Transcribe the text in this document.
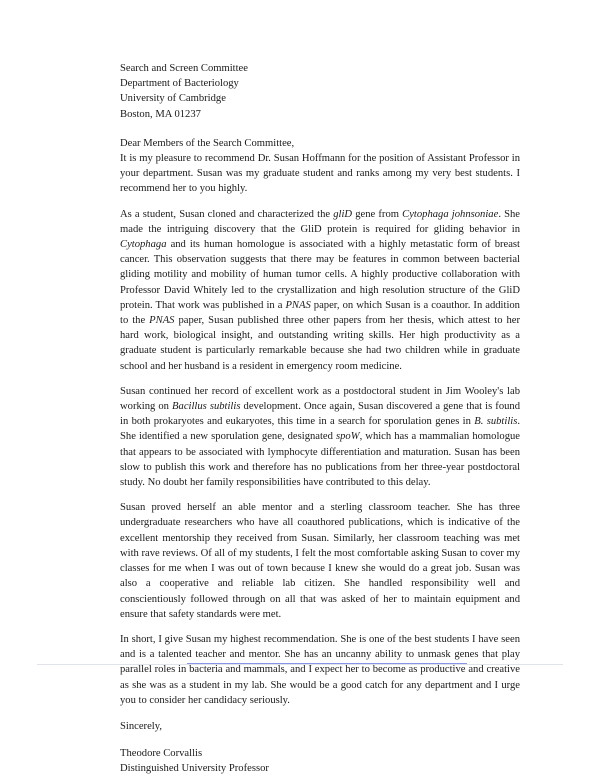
Search and Screen Committee
Department of Bacteriology
University of Cambridge
Boston, MA 01237
Dear Members of the Search Committee,

It is my pleasure to recommend Dr. Susan Hoffmann for the position of Assistant Professor in your department. Susan was my graduate student and ranks among my very best students. I recommend her to you highly.

As a student, Susan cloned and characterized the gliD gene from Cytophaga johnsoniae. She made the intriguing discovery that the GliD protein is required for gliding behavior in Cytophaga and its human homologue is associated with a highly metastatic form of breast cancer. This observation suggests that there may be features in common between bacterial gliding motility and mobility of human tumor cells. A highly productive collaboration with Professor David Whitely led to the crystallization and high resolution structure of the GliD protein. That work was published in a PNAS paper, on which Susan is a coauthor. In addition to the PNAS paper, Susan published three other papers from her thesis, which attest to her hard work, biological insight, and outstanding writing skills. Her high productivity as a graduate student is particularly remarkable because she had two children while in graduate school and her husband is a resident in emergency room medicine.

Susan continued her record of excellent work as a postdoctoral student in Jim Wooley's lab working on Bacillus subtilis development. Once again, Susan discovered a gene that is found in both prokaryotes and eukaryotes, this time in a search for sporulation genes in B. subtilis. She identified a new sporulation gene, designated spoW, which has a mammalian homologue that appears to be associated with lymphocyte differentiation and maturation. Susan has been slow to publish this work and therefore has no publications from her three-year postdoctoral study. No doubt her family responsibilities have contributed to this delay.

Susan proved herself an able mentor and a sterling classroom teacher. She has three undergraduate researchers who have all coauthored publications, which is indicative of the excellent mentorship they received from Susan. Similarly, her classroom teaching was met with rave reviews. Of all of my students, I felt the most comfortable asking Susan to cover my classes for me when I was out of town because I knew she would do a great job. Susan was also a cooperative and reliable lab citizen. She handled responsibility well and conscientiously followed through on all that was asked of her to maintain equipment and ensure that safety standards were met.

In short, I give Susan my highest recommendation. She is one of the best students I have seen and is a talented teacher and mentor. She has an uncanny ability to unmask genes that play parallel roles in bacteria and mammals, and I expect her to become as productive and creative as she was as a student in my lab. She would be a good catch for any department and I urge you to consider her candidacy seriously.

Sincerely,
Theodore Corvallis
Distinguished University Professor
